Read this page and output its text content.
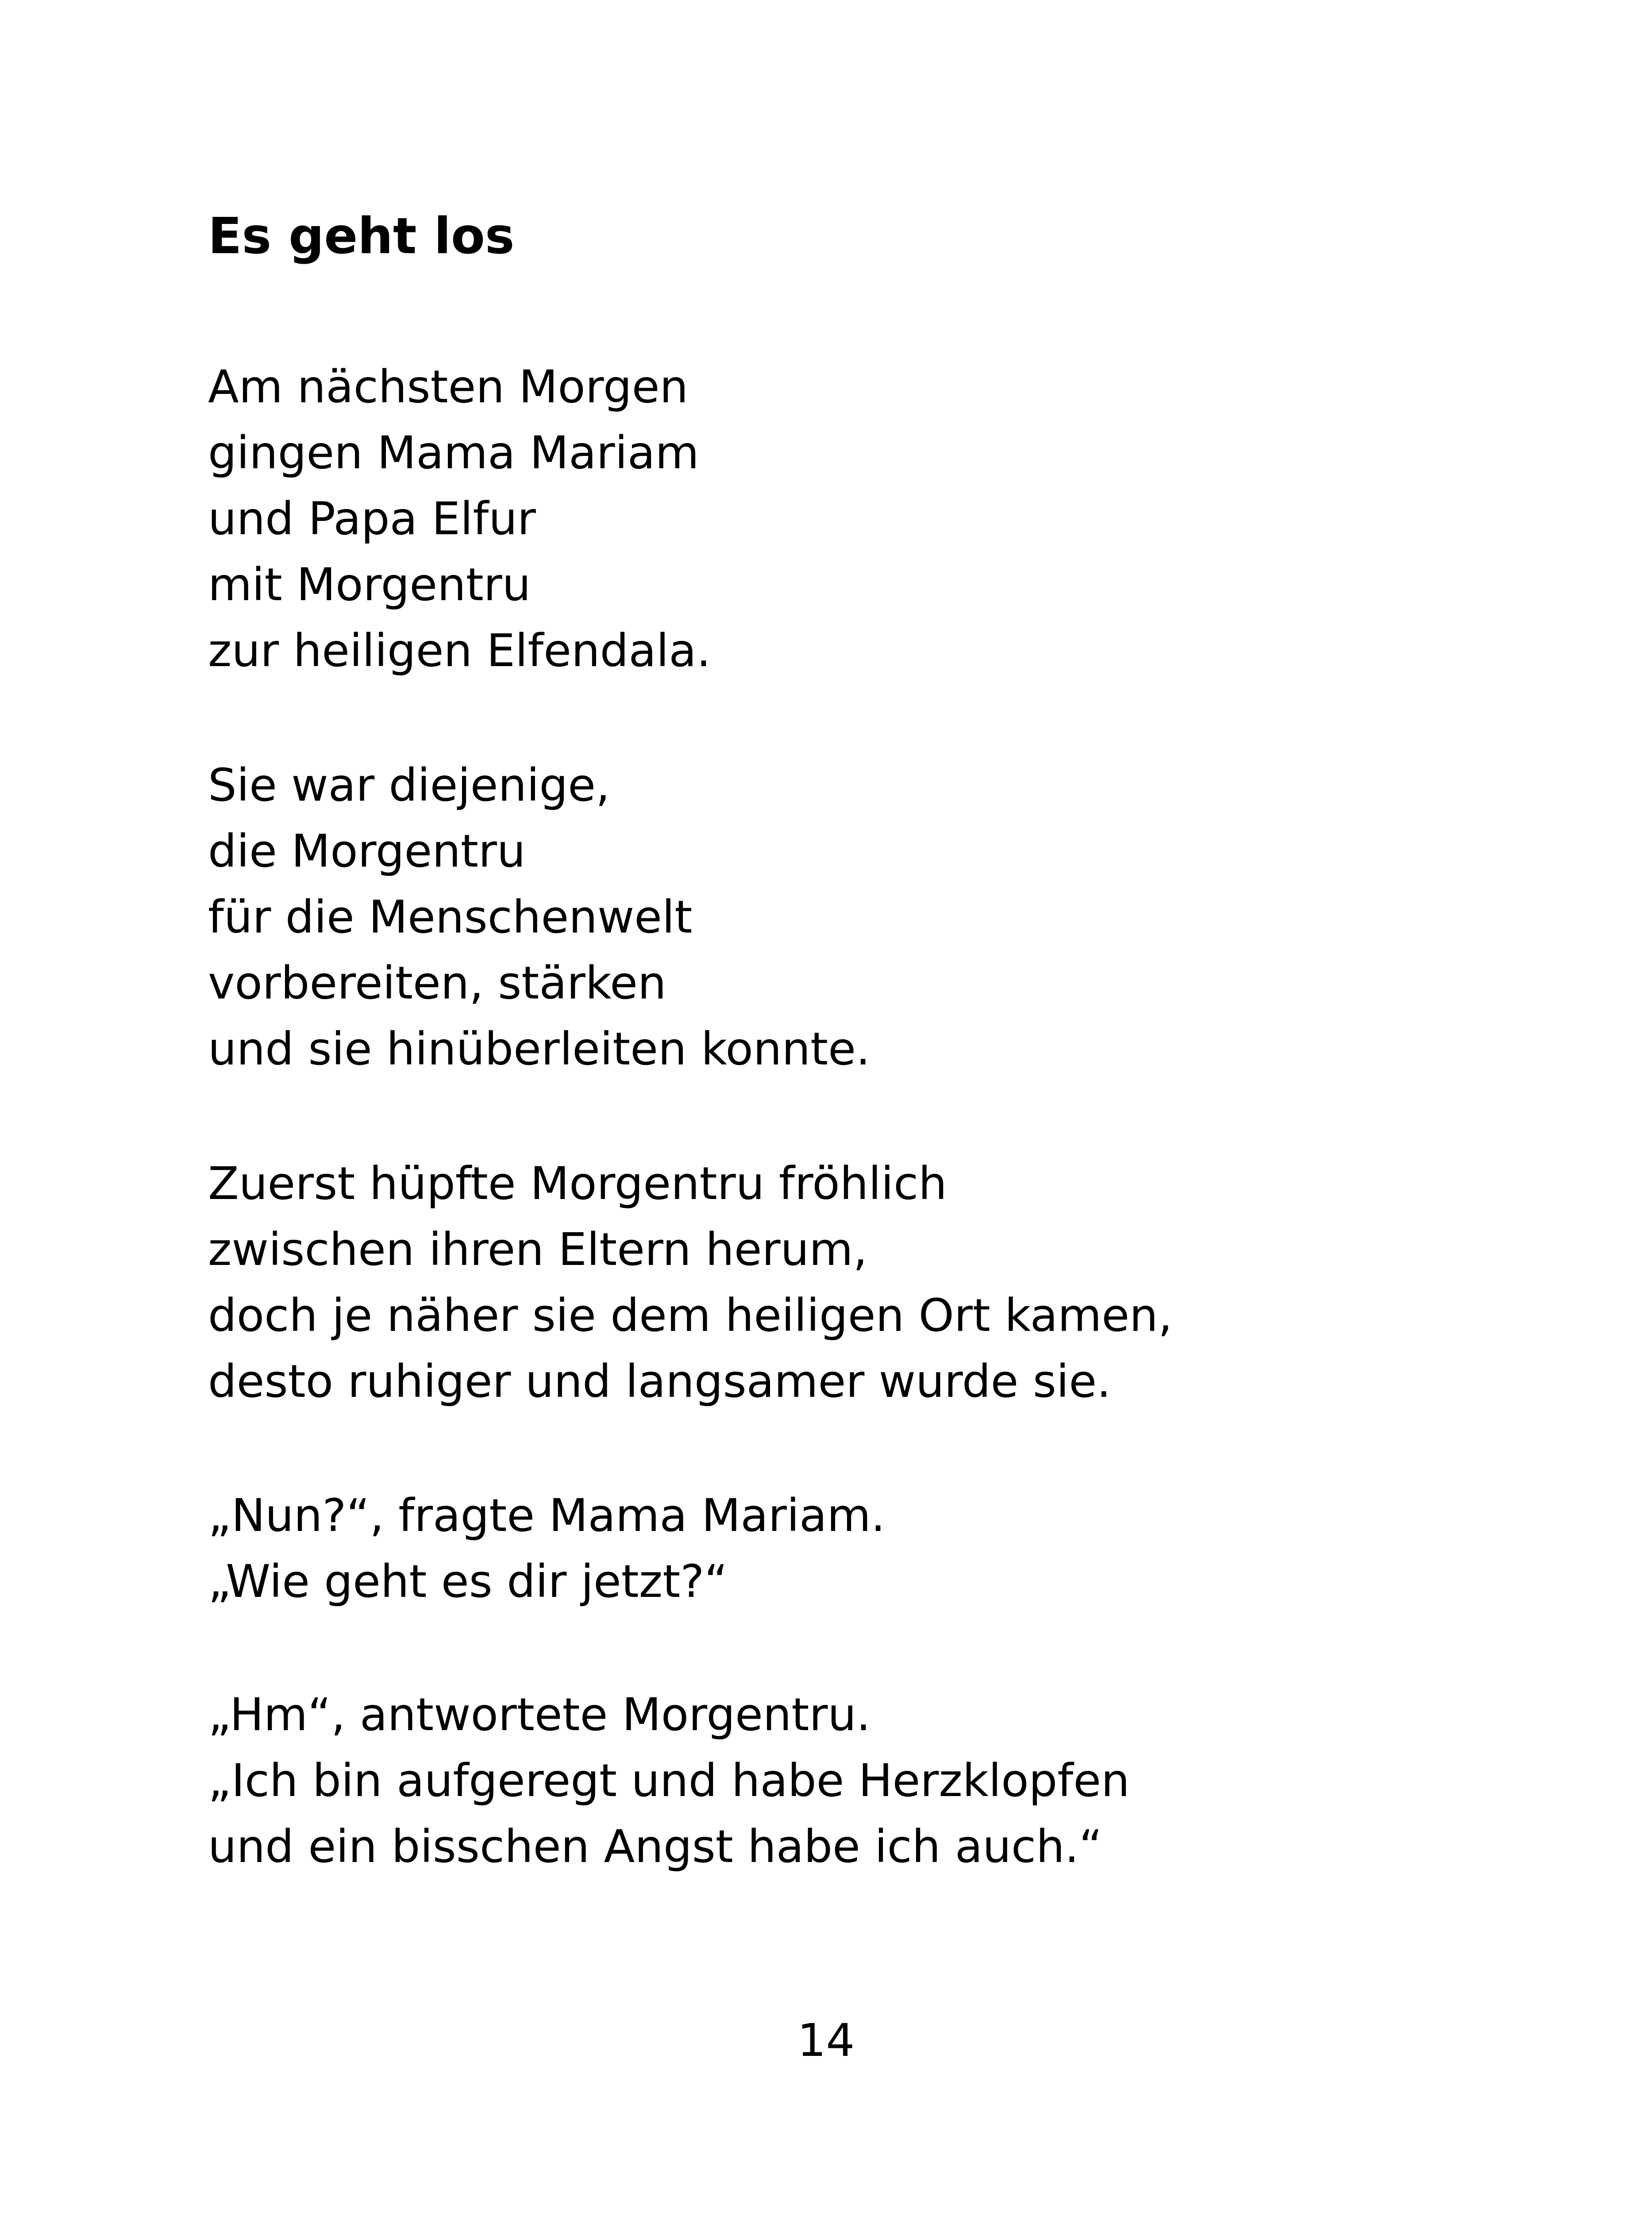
Es geht los
Am nächsten Morgen
gingen Mama Mariam
und Papa Elfur
mit Morgentru
zur heiligen Elfendala.
Sie war diejenige,
die Morgentru
für die Menschenwelt
vorbereiten, stärken
und sie hinüberleiten konnte.
Zuerst hüpfte Morgentru fröhlich
zwischen ihren Eltern herum,
doch je näher sie dem heiligen Ort kamen,
desto ruhiger und langsamer wurde sie.
„Nun?“, fragte Mama Mariam.
„Wie geht es dir jetzt?“
„Hm“, antwortete Morgentru.
„Ich bin aufgeregt und habe Herzklopfen
und ein bisschen Angst habe ich auch.“
14
